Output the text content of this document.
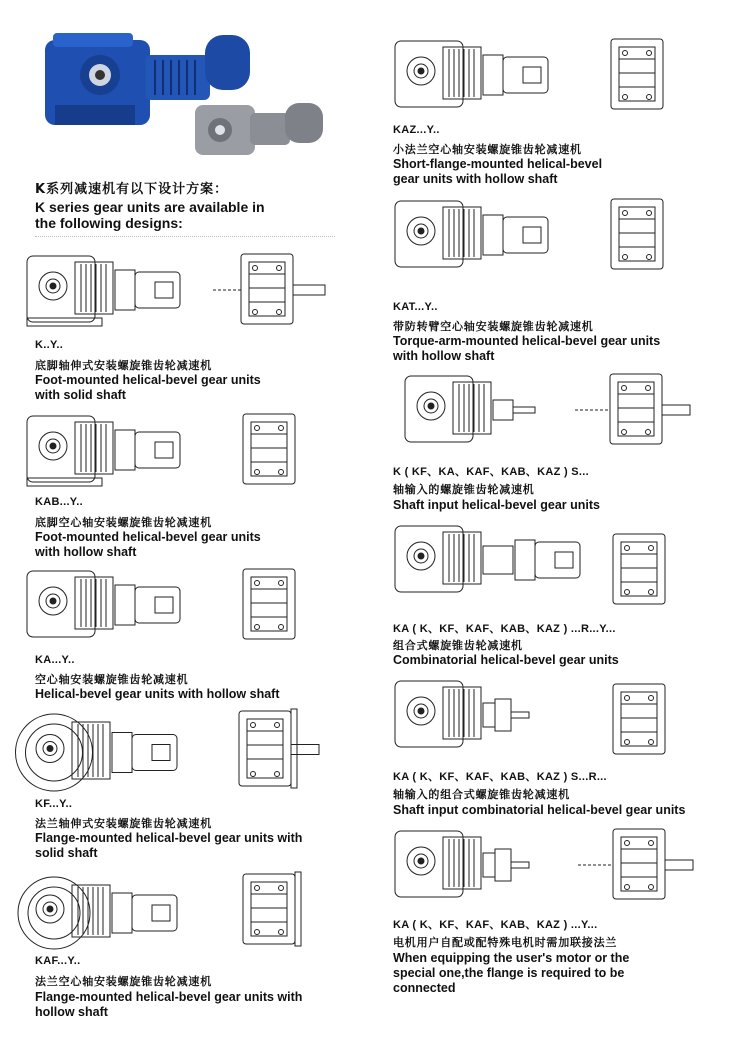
K系列减速机有以下设计方案：
K series gear units are available in
the following designs:
K..Y..
底脚轴伸式安装螺旋锥齿轮减速机
Foot-mounted helical-bevel gear units
with solid shaft
KAB...Y..
底脚空心轴安装螺旋锥齿轮减速机
Foot-mounted helical-bevel gear units
with hollow shaft
KA...Y..
空心轴安装螺旋锥齿轮减速机
Helical-bevel gear units with hollow shaft
KF...Y..
法兰轴伸式安装螺旋锥齿轮减速机
Flange-mounted helical-bevel gear units with
solid shaft
KAF...Y..
法兰空心轴安装螺旋锥齿轮减速机
Flange-mounted helical-bevel gear units with
hollow shaft
KAZ...Y..
小法兰空心轴安装螺旋锥齿轮减速机
Short-flange-mounted helical-bevel
gear units with hollow shaft
KAT...Y..
带防转臂空心轴安装螺旋锥齿轮减速机
Torque-arm-mounted helical-bevel gear units
with hollow shaft
K ( KF、KA、KAF、KAB、KAZ ) S...
轴输入的螺旋锥齿轮减速机
Shaft input helical-bevel gear units
KA ( K、KF、KAF、KAB、KAZ ) ...R...Y...
组合式螺旋锥齿轮减速机
Combinatorial helical-bevel gear units
KA ( K、KF、KAF、KAB、KAZ ) S...R...
轴输入的组合式螺旋锥齿轮减速机
Shaft input combinatorial helical-bevel gear units
KA ( K、KF、KAF、KAB、KAZ ) ...Y...
电机用户自配或配特殊电机时需加联接法兰
When equipping the user's motor or the
special one,the flange is required to be
connected
